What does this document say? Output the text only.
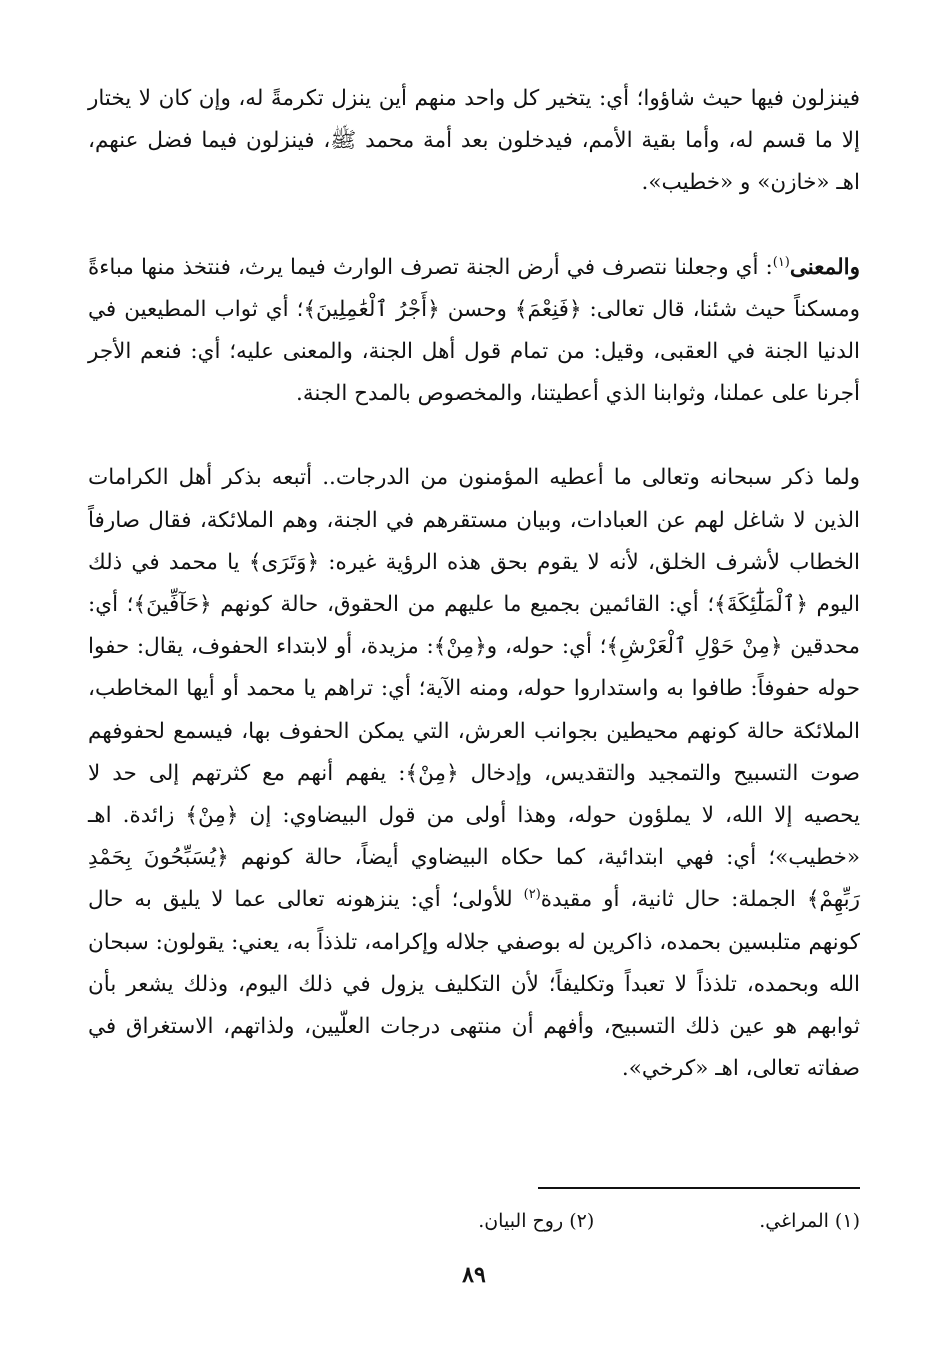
فينزلون فيها حيث شاؤوا؛ أي: يتخير كل واحد منهم أين ينزل تكرمةً له، وإن كان لا يختار إلا ما قسم له، وأما بقية الأمم، فيدخلون بعد أمة محمد ﷺ، فينزلون فيما فضل عنهم، اهـ «خازن» و «خطيب».

والمعنى$^{(١)}$: أي وجعلنا نتصرف في أرض الجنة تصرف الوارث فيما يرث، فنتخذ منها مباءةً ومسكناً حيث شئنا، قال تعالى: ﴿فَنِعْمَ﴾ وحسن ﴿أَجْرُ ٱلْعَٰمِلِينَ﴾؛ أي ثواب المطيعين في الدنيا الجنة في العقبى، وقيل: من تمام قول أهل الجنة، والمعنى عليه؛ أي: فنعم الأجر أجرنا على عملنا، وثوابنا الذي أعطيتنا، والمخصوص بالمدح الجنة.

ولما ذكر سبحانه وتعالى ما أعطيه المؤمنون من الدرجات.. أتبعه بذكر أهل الكرامات الذين لا شاغل لهم عن العبادات، وبيان مستقرهم في الجنة، وهم الملائكة، فقال صارفاً الخطاب لأشرف الخلق، لأنه لا يقوم بحق هذه الرؤية غيره: ﴿وَتَرَى﴾ يا محمد في ذلك اليوم ﴿ٱلْمَلَٰٓئِكَةَ﴾؛ أي: القائمين بجميع ما عليهم من الحقوق، حالة كونهم ﴿حَآفِّينَ﴾؛ أي: محدقين ﴿مِنْ حَوْلِ ٱلْعَرْشِ﴾؛ أي: حوله، و﴿مِنْ﴾: مزيدة، أو لابتداء الحفوف، يقال: حفوا حوله حفوفاً: طافوا به واستداروا حوله، ومنه الآية؛ أي: تراهم يا محمد أو أيها المخاطب، الملائكة حالة كونهم محيطين بجوانب العرش، التي يمكن الحفوف بها، فيسمع لحفوفهم صوت التسبيح والتمجيد والتقديس، وإدخال ﴿مِنْ﴾: يفهم أنهم مع كثرتهم إلى حد لا يحصيه إلا الله، لا يملؤون حوله، وهذا أولى من قول البيضاوي: إن ﴿مِنْ﴾ زائدة. اهـ «خطيب»؛ أي: فهي ابتدائية، كما حكاه البيضاوي أيضاً، حالة كونهم ﴿يُسَبِّحُونَ بِحَمْدِ رَبِّهِمْ﴾ الجملة: حال ثانية، أو مقيدة$^{(٢)}$ للأولى؛ أي: ينزهونه تعالى عما لا يليق به حال كونهم متلبسين بحمده، ذاكرين له بوصفي جلاله وإكرامه، تلذذاً به، يعني: يقولون: سبحان الله وبحمده، تلذذاً لا تعبداً وتكليفاً؛ لأن التكليف يزول في ذلك اليوم، وذلك يشعر بأن ثوابهم هو عين ذلك التسبيح، وأفهم أن منتهى درجات العلّيين، ولذاتهم، الاستغراق في صفاته تعالى، اهـ «كرخي».

(١) المراغي.(٢) روح البيان.
٨٩
